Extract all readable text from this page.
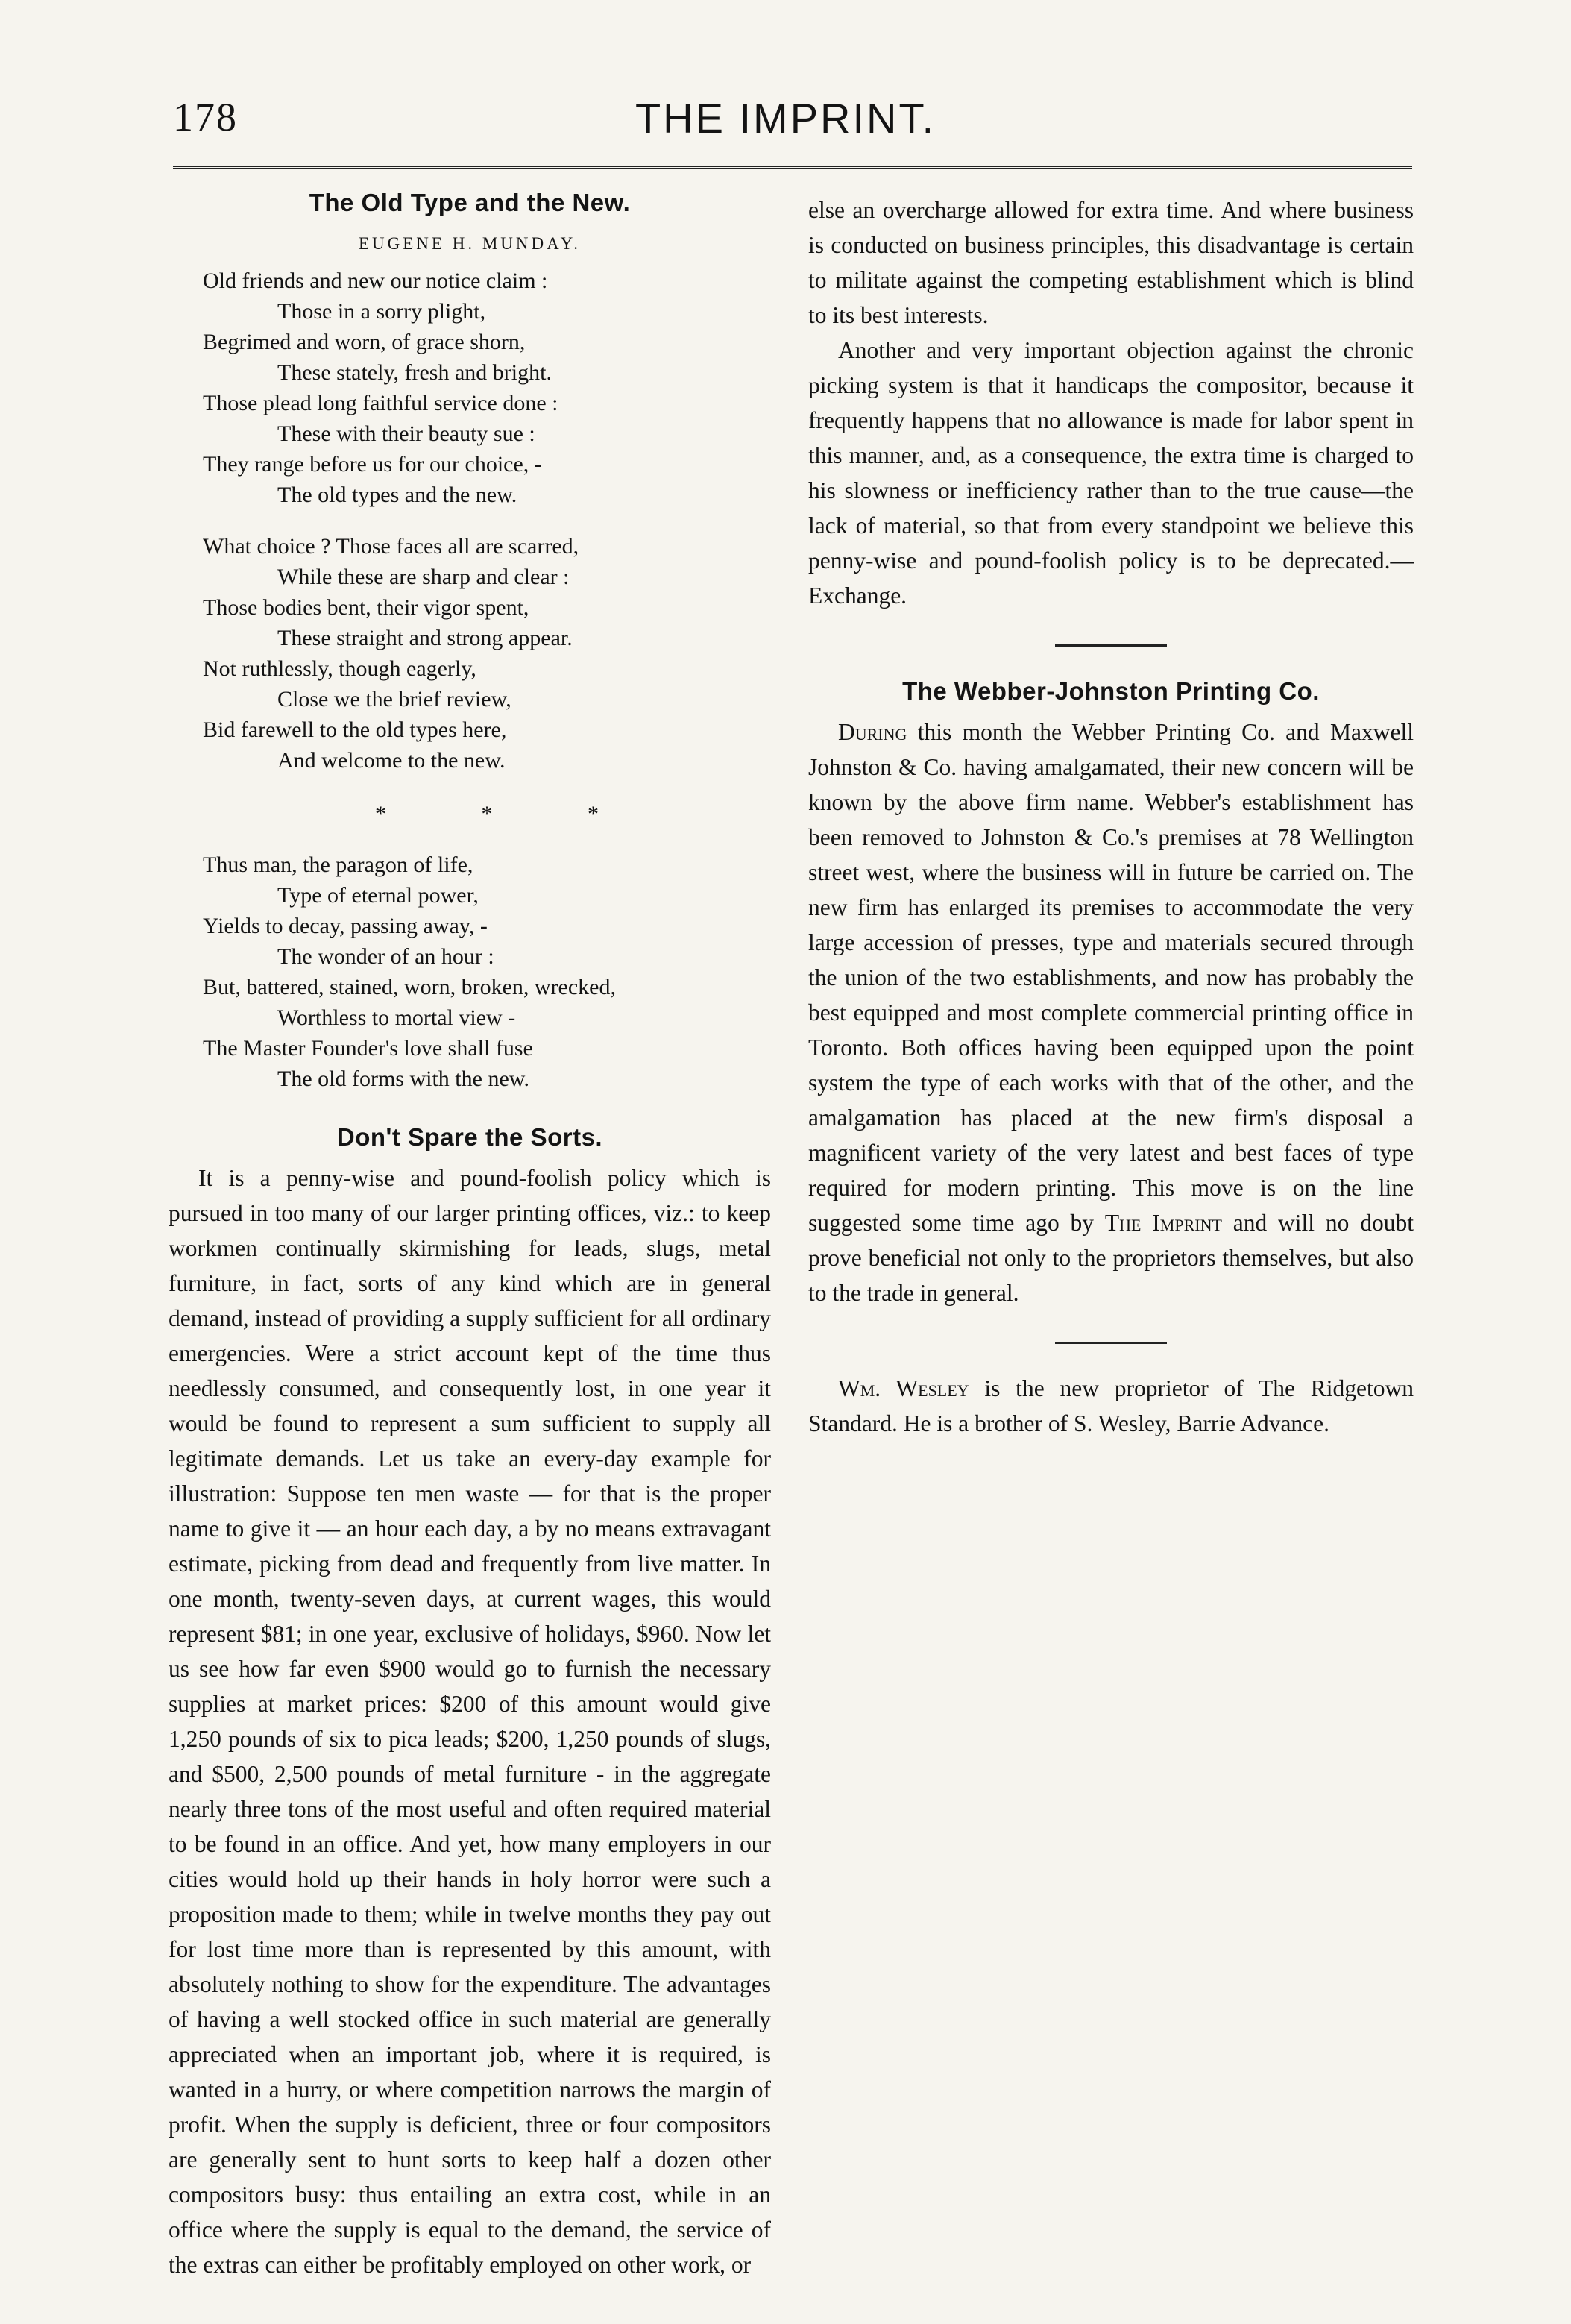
178	THE IMPRINT.
The Old Type and the New.
EUGENE H. MUNDAY.
Old friends and new our notice claim :
Those in a sorry plight,
Begrimed and worn, of grace shorn,
These stately, fresh and bright.
Those plead long faithful service done :
These with their beauty sue :
They range before us for our choice, -
The old types and the new.
What choice ? Those faces all are scarred,
While these are sharp and clear :
Those bodies bent, their vigor spent,
These straight and strong appear.
Not ruthlessly, though eagerly,
Close we the brief review,
Bid farewell to the old types here,
And welcome to the new.
* * *
Thus man, the paragon of life,
Type of eternal power,
Yields to decay, passing away, -
The wonder of an hour :
But, battered, stained, worn, broken, wrecked,
Worthless to mortal view -
The Master Founder's love shall fuse
The old forms with the new.
Don't Spare the Sorts.

It is a penny-wise and pound-foolish policy which is pursued in too many of our larger printing offices, viz.: to keep workmen continually skirmishing for leads, slugs, metal furniture, in fact, sorts of any kind which are in general demand, instead of providing a supply sufficient for all ordinary emergencies. Were a strict account kept of the time thus needlessly consumed, and consequently lost, in one year it would be found to represent a sum sufficient to supply all legitimate demands. Let us take an every-day example for illustration: Suppose ten men waste — for that is the proper name to give it — an hour each day, a by no means extravagant estimate, picking from dead and frequently from live matter. In one month, twenty-seven days, at current wages, this would represent $81; in one year, exclusive of holidays, $960. Now let us see how far even $900 would go to furnish the necessary supplies at market prices: $200 of this amount would give 1,250 pounds of six to pica leads; $200, 1,250 pounds of slugs, and $500, 2,500 pounds of metal furniture - in the aggregate nearly three tons of the most useful and often required material to be found in an office. And yet, how many employers in our cities would hold up their hands in holy horror were such a proposition made to them; while in twelve months they pay out for lost time more than is represented by this amount, with absolutely nothing to show for the expenditure. The advantages of having a well stocked office in such material are generally appreciated when an important job, where it is required, is wanted in a hurry, or where competition narrows the margin of profit. When the supply is deficient, three or four compositors are generally sent to hunt sorts to keep half a dozen other compositors busy: thus entailing an extra cost, while in an office where the supply is equal to the demand, the service of the extras can either be profitably employed on other work, or

else an overcharge allowed for extra time. And where business is conducted on business principles, this disadvantage is certain to militate against the competing establishment which is blind to its best interests.

Another and very important objection against the chronic picking system is that it handicaps the compositor, because it frequently happens that no allowance is made for labor spent in this manner, and, as a consequence, the extra time is charged to his slowness or inefficiency rather than to the true cause—the lack of material, so that from every standpoint we believe this penny-wise and pound-foolish policy is to be deprecated.—Exchange.

The Webber-Johnston Printing Co.

During this month the Webber Printing Co. and Maxwell Johnston & Co. having amalgamated, their new concern will be known by the above firm name. Webber's establishment has been removed to Johnston & Co.'s premises at 78 Wellington street west, where the business will in future be carried on. The new firm has enlarged its premises to accommodate the very large accession of presses, type and materials secured through the union of the two establishments, and now has probably the best equipped and most complete commercial printing office in Toronto. Both offices having been equipped upon the point system the type of each works with that of the other, and the amalgamation has placed at the new firm's disposal a magnificent variety of the very latest and best faces of type required for modern printing. This move is on the line suggested some time ago by The Imprint and will no doubt prove beneficial not only to the proprietors themselves, but also to the trade in general.

Wm. Wesley is the new proprietor of The Ridgetown Standard. He is a brother of S. Wesley, Barrie Advance.
